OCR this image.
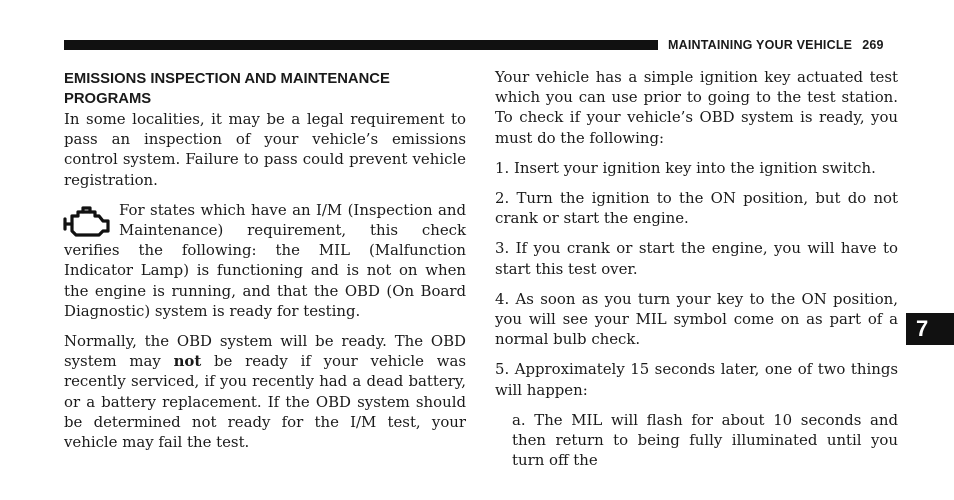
MAINTAINING YOUR VEHICLE 269
EMISSIONS INSPECTION AND MAINTENANCE PROGRAMS

In some localities, it may be a legal requirement to pass an inspection of your vehicle’s emissions control system. Failure to pass could prevent vehicle registration.

For states which have an I/M (Inspection and Maintenance) requirement, this check verifies the following: the MIL (Malfunction Indicator Lamp) is functioning and is not on when the engine is running, and that the OBD (On Board Diagnostic) system is ready for testing.

Normally, the OBD system will be ready. The OBD system may not be ready if your vehicle was recently serviced, if you recently had a dead battery, or a battery replacement. If the OBD system should be determined not ready for the I/M test, your vehicle may fail the test.

Your vehicle has a simple ignition key actuated test which you can use prior to going to the test station. To check if your vehicle’s OBD system is ready, you must do the following:

1. Insert your ignition key into the ignition switch.

2. Turn the ignition to the ON position, but do not crank or start the engine.

3. If you crank or start the engine, you will have to start this test over.

4. As soon as you turn your key to the ON position, you will see your MIL symbol come on as part of a normal bulb check.

5. Approximately 15 seconds later, one of two things will happen:

a. The MIL will flash for about 10 seconds and then return to being fully illuminated until you turn off the

7
